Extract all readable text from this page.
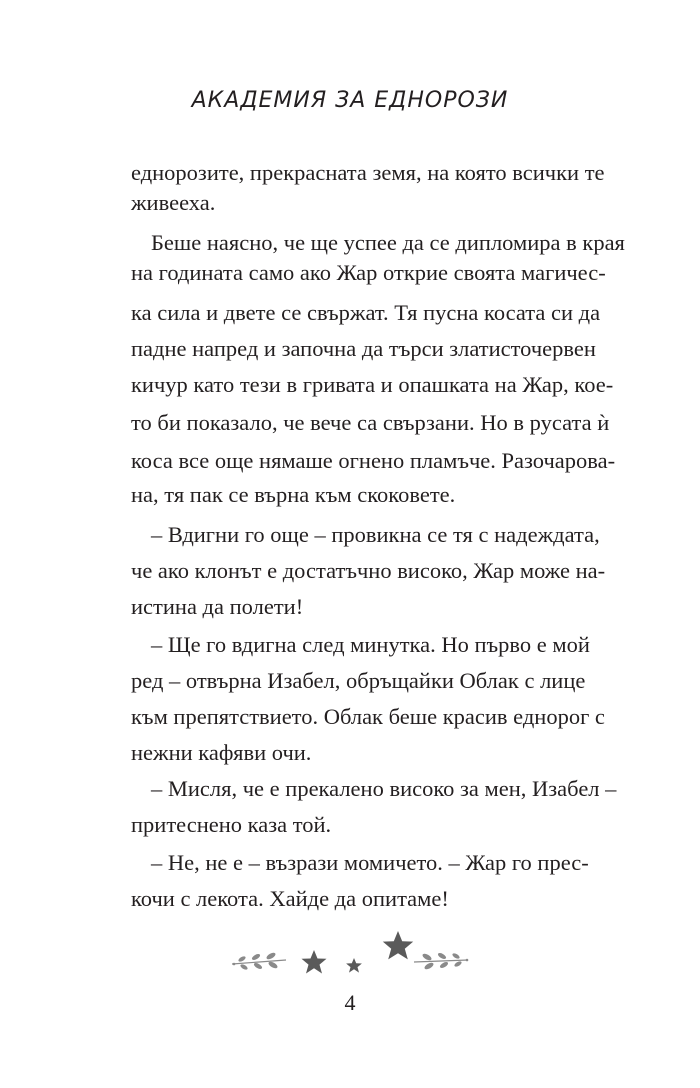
АКАДЕМИЯ ЗА ЕДНОРОЗИ
еднорозите, прекрасната земя, на която всички те
живееха.
Беше наясно, че ще успее да се дипломира в края
на годината само ако Жар открие своята магичес-
ка сила и двете се свържат. Тя пусна косата си да
падне напред и започна да търси златисточервен
кичур като тези в гривата и опашката на Жар, кое-
то би показало, че вече са свързани. Но в русата ѝ
коса все още нямаше огнено пламъче. Разочарова-
на, тя пак се върна към скоковете.
– Вдигни го още – провикна се тя с надеждата,
че ако клонът е достатъчно високо, Жар може на-
истина да полети!
– Ще го вдигна след минутка. Но първо е мой
ред – отвърна Изабел, обръщайки Облак с лице
към препятствието. Облак беше красив еднорог с
нежни кафяви очи.
– Мисля, че е прекалено високо за мен, Изабел –
притеснено каза той.
– Не, не е – възрази момичето. – Жар го прес-
кочи с лекота. Хайде да опитаме!
4
